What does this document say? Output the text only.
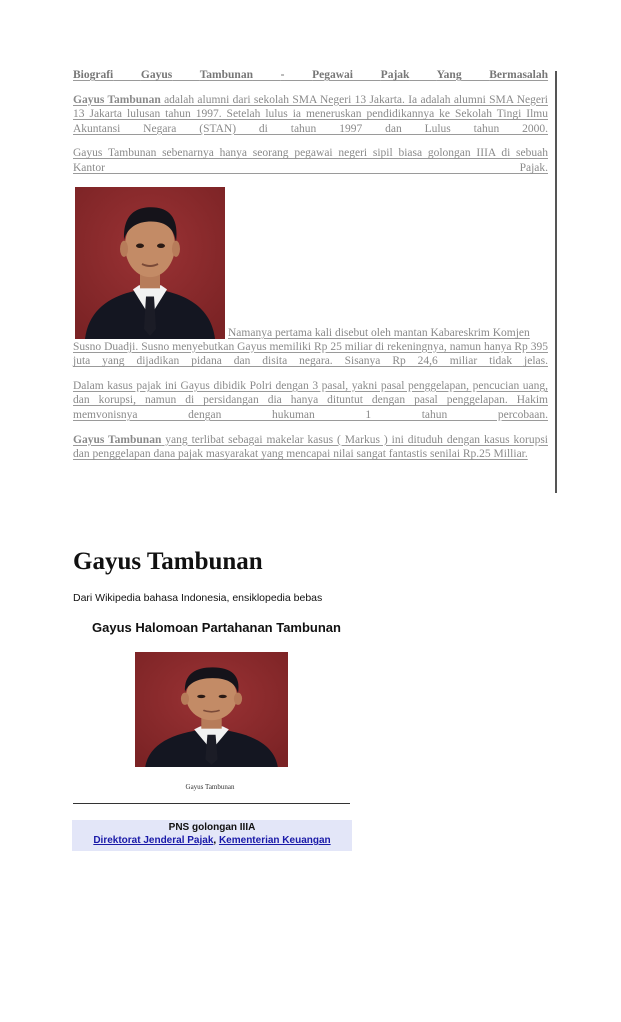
Biografi Gayus Tambunan - Pegawai Pajak Yang Bermasalah

Gayus Tambunan adalah alumni dari sekolah SMA Negeri 13 Jakarta. Ia adalah alumni SMA Negeri 13 Jakarta lulusan tahun 1997. Setelah lulus ia meneruskan pendidikannya ke Sekolah Tingi Ilmu Akuntansi Negara (STAN) di tahun 1997 dan Lulus tahun 2000.

Gayus Tambunan sebenarnya hanya seorang pegawai negeri sipil biasa golongan IIIA di sebuah Kantor Pajak.

Namanya pertama kali disebut oleh mantan Kabareskrim Komjen

Susno Duadji. Susno menyebutkan Gayus memiliki Rp 25 miliar di rekeningnya, namun hanya Rp 395 juta yang dijadikan pidana dan disita negara. Sisanya Rp 24,6 miliar tidak jelas.

Dalam kasus pajak ini Gayus dibidik Polri dengan 3 pasal, yakni pasal penggelapan, pencucian uang, dan korupsi, namun di persidangan dia hanya dituntut dengan pasal penggelapan. Hakim memvonisnya dengan hukuman 1 tahun percobaan.

Gayus Tambunan yang terlibat sebagai makelar kasus ( Markus ) ini dituduh dengan kasus korupsi dan penggelapan dana pajak masyarakat yang mencapai nilai sangat fantastis senilai Rp.25 Milliar.

Gayus Tambunan
Dari Wikipedia bahasa Indonesia, ensiklopedia bebas
Gayus Halomoan Partahanan Tambunan
Gayus Tambunan
PNS golongan IIIA
Direktorat Jenderal Pajak, Kementerian Keuangan
